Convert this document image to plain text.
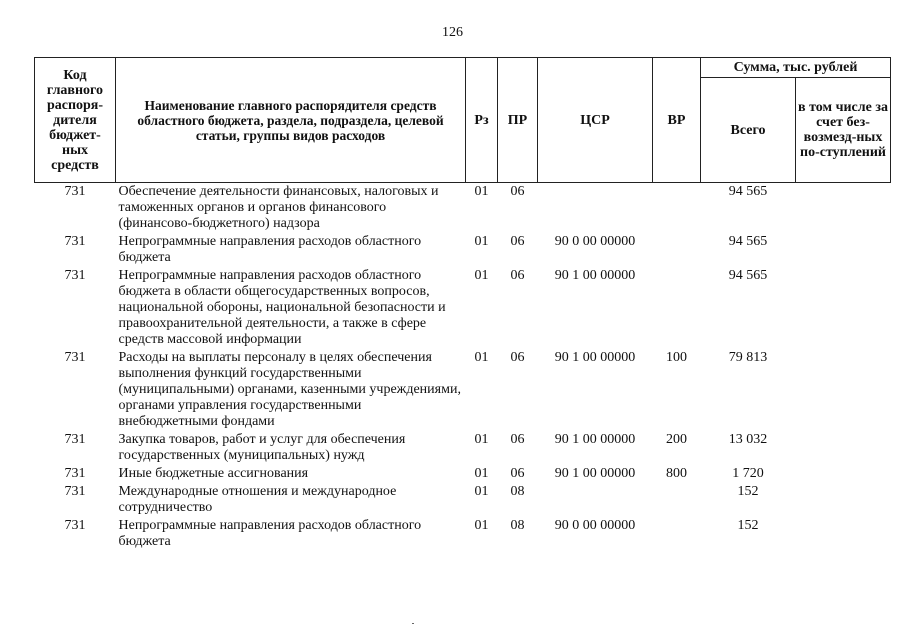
126
Код главного распоря-дителя бюджет-ных средств	Наименование главного распорядителя средств областного бюджета, раздела, подраздела, целевой статьи, группы видов расходов	Рз	ПР	ЦСР	ВР	Сумма, тыс. рублей	
						Всего	в том числе за счет без-возмезд-ных по-ступлений
731	Обеспечение деятельности финансовых, налоговых и таможенных органов и органов финансового (финансово-бюджетного) надзора	01	06			94 565	
731	Непрограммные направления расходов областного бюджета	01	06	90 0 00 00000		94 565	
731	Непрограммные направления расходов областного бюджета в области общегосударственных вопросов, национальной обороны, национальной безопасности и правоохранительной деятельности, а также в сфере средств массовой информации	01	06	90 1 00 00000		94 565	
731	Расходы на выплаты персоналу в целях обеспечения выполнения функций государственными (муниципальными) органами, казенными учреждениями, органами управления государственными внебюджетными фондами	01	06	90 1 00 00000	100	79 813	
731	Закупка товаров, работ и услуг для обеспечения государственных (муниципальных) нужд	01	06	90 1 00 00000	200	13 032	
731	Иные бюджетные ассигнования	01	06	90 1 00 00000	800	1 720	
731	Международные отношения и международное сотрудничество	01	08			152	
731	Непрограммные направления расходов областного бюджета	01	08	90 0 00 00000		152	
